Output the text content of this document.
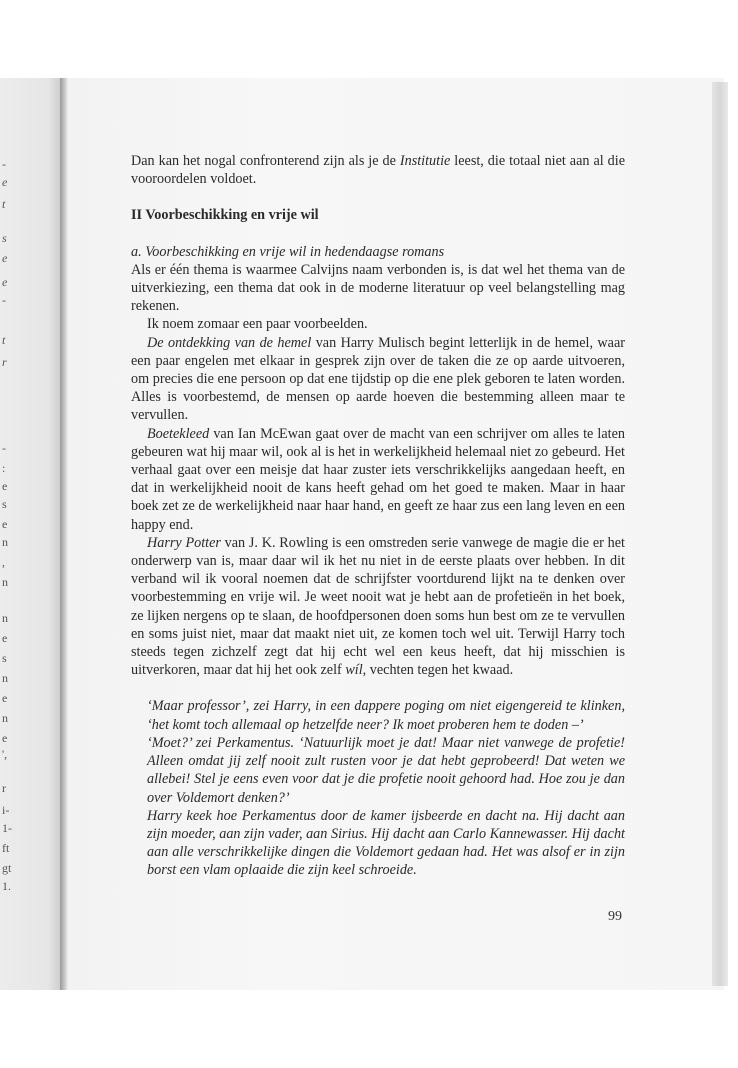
-
e
t
s
e
e
-
t
r
-
:
e
s
e
n
,
n
n
e
s
n
e
n
e
',
r
i-
1-
ft
gt
1.

Dan kan het nogal confronterend zijn als je de Institutie leest, die totaal niet aan al die vooroordelen voldoet.

II Voorbeschikking en vrije wil

a. Voorbeschikking en vrije wil in hedendaagse romans

Als er één thema is waarmee Calvijns naam verbonden is, is dat wel het thema van de uitverkiezing, een thema dat ook in de moderne literatuur op veel belangstelling mag rekenen.

Ik noem zomaar een paar voorbeelden.

De ontdekking van de hemel van Harry Mulisch begint letterlijk in de hemel, waar een paar engelen met elkaar in gesprek zijn over de taken die ze op aarde uitvoeren, om precies die ene persoon op dat ene tijdstip op die ene plek geboren te laten worden. Alles is voorbestemd, de mensen op aarde hoeven die bestemming alleen maar te vervullen.

Boetekleed van Ian McEwan gaat over de macht van een schrijver om alles te laten gebeuren wat hij maar wil, ook al is het in werkelijkheid helemaal niet zo gebeurd. Het verhaal gaat over een meisje dat haar zuster iets verschrikkelijks aangedaan heeft, en dat in werkelijkheid nooit de kans heeft gehad om het goed te maken. Maar in haar boek zet ze de werkelijkheid naar haar hand, en geeft ze haar zus een lang leven en een happy end.

Harry Potter van J. K. Rowling is een omstreden serie vanwege de magie die er het onderwerp van is, maar daar wil ik het nu niet in de eerste plaats over hebben. In dit verband wil ik vooral noemen dat de schrijfster voortdurend lijkt na te denken over voorbestemming en vrije wil. Je weet nooit wat je hebt aan de profetieën in het boek, ze lijken nergens op te slaan, de hoofdpersonen doen soms hun best om ze te vervullen en soms juist niet, maar dat maakt niet uit, ze komen toch wel uit. Terwijl Harry toch steeds tegen zichzelf zegt dat hij echt wel een keus heeft, dat hij misschien is uitverkoren, maar dat hij het ook zelf wíl, vechten tegen het kwaad.

‘Maar professor’, zei Harry, in een dappere poging om niet eigengereid te klinken, ‘het komt toch allemaal op hetzelfde neer? Ik moet proberen hem te doden –’

‘Moet?’ zei Perkamentus. ‘Natuurlijk moet je dat! Maar niet vanwege de profetie! Alleen omdat jij zelf nooit zult rusten voor je dat hebt geprobeerd! Dat weten we allebei! Stel je eens even voor dat je die profetie nooit gehoord had. Hoe zou je dan over Voldemort denken?’

Harry keek hoe Perkamentus door de kamer ijsbeerde en dacht na. Hij dacht aan zijn moeder, aan zijn vader, aan Sirius. Hij dacht aan Carlo Kannewasser. Hij dacht aan alle verschrikkelijke dingen die Voldemort gedaan had. Het was alsof er in zijn borst een vlam oplaaide die zijn keel schroeide.

99
